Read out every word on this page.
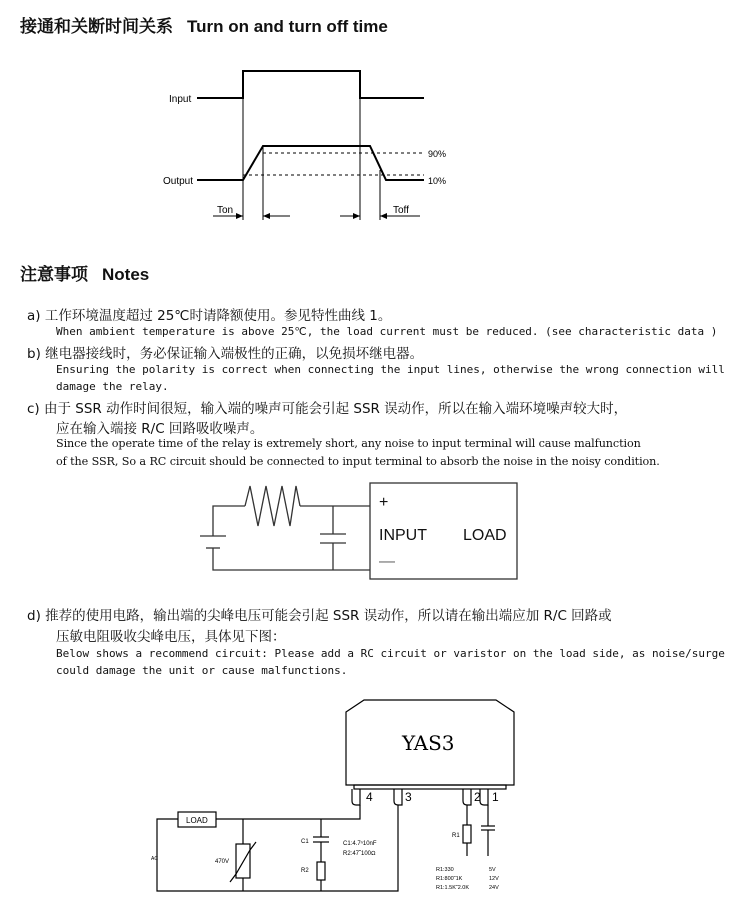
接通和关断时间关系 Turn on and turn off time
Input
Output
90%
10%
Ton	Toff
注意事项 Notes
a) 工作环境温度超过 25℃时请降额使用。参见特性曲线 1。
When ambient temperature is above 25℃, the load current must be reduced. (see characteristic data )
b) 继电器接线时，务必保证输入端极性的正确，以免损坏继电器。
Ensuring the polarity is correct when connecting the input lines, otherwise the wrong connection will
damage the relay.
c) 由于 SSR 动作时间很短，输入端的噪声可能会引起 SSR 误动作，所以在输入端环境噪声较大时，
应在输入端接 R/C 回路吸收噪声。
Since the operate time of the relay is extremely short, any noise to input terminal will cause malfunction
of the SSR, So a RC circuit should be connected to input terminal to absorb the noise in the noisy condition.
+
INPUT LOAD
—
d) 推荐的使用电路，输出端的尖峰电压可能会引起 SSR 误动作，所以请在输出端应加 R/C 回路或
压敏电阻吸收尖峰电压，具体见下图：
Below shows a recommend circuit: Please add a RC circuit or varistor on the load side, as noise/surge
could damage the unit or cause malfunctions.
YAS3
4	3	2 1
LOAD
AC	470V
C1
R2
C1:4.7ⁿ10nF
R2:47˜100Ω
R1
R1:330	5V
R1:800˜1K	12V
R1:1.5K˜2.0K	24V
